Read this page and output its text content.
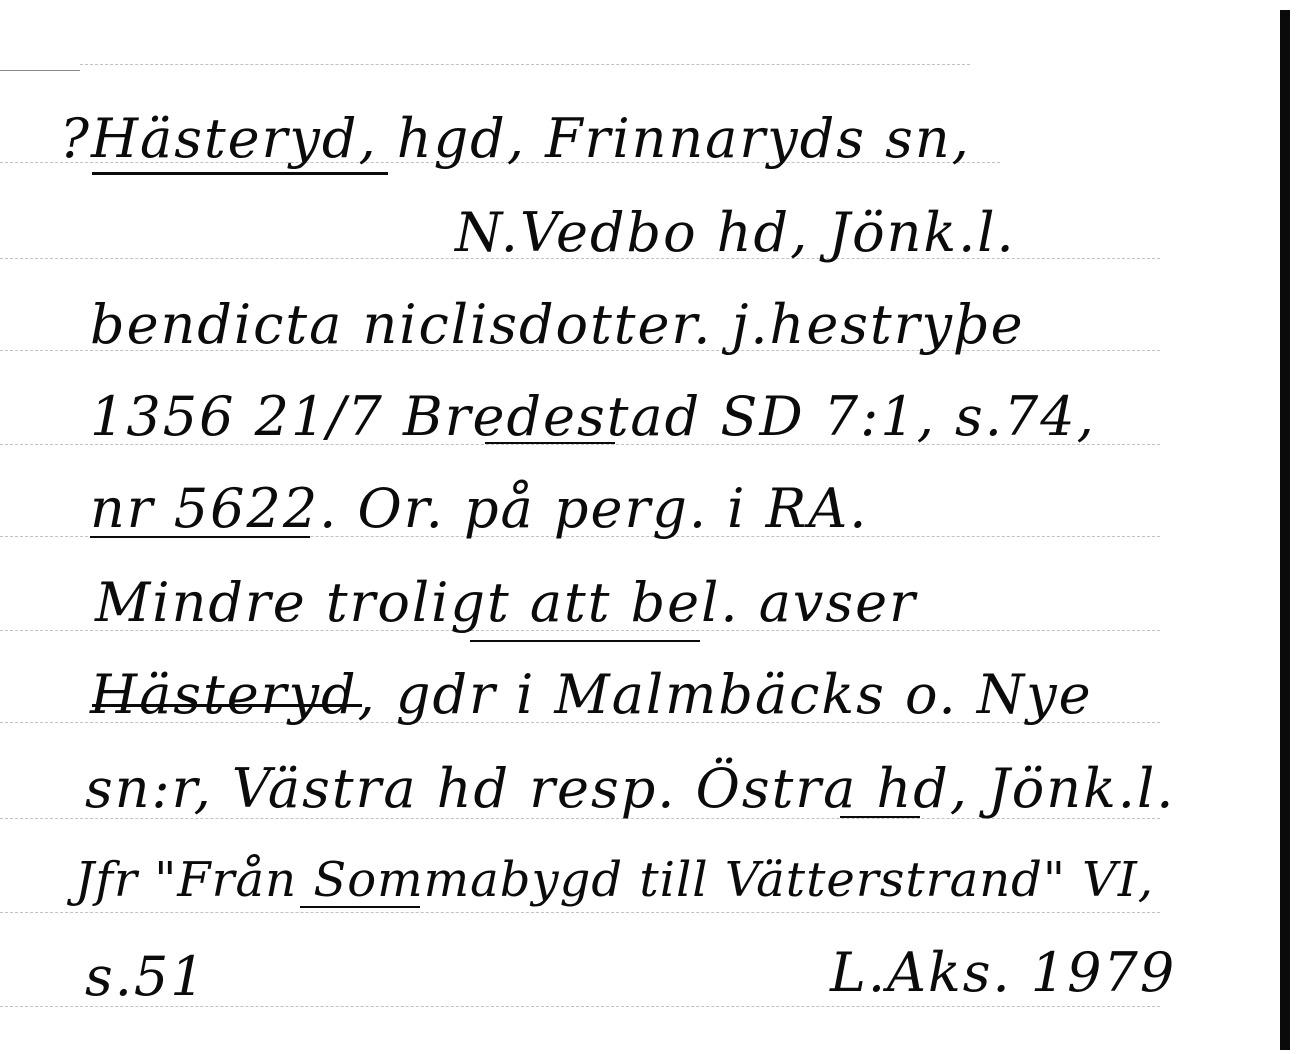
?Hästeryd, hgd, Frinnaryds sn,
N.Vedbo hd, Jönk.l.
bendicta niclisdotter. j.hestryþe
1356 21/7 Bredestad SD 7:1, s.74,
nr 5622. Or. på perg. i RA.
Mindre troligt att bel. avser
Hästeryd, gdr i Malmbäcks o. Nye
sn:r, Västra hd resp. Östra hd, Jönk.l.
Jfr "Från Sommabygd till Vätterstrand" VI,
s.51	L.Aks. 1979
